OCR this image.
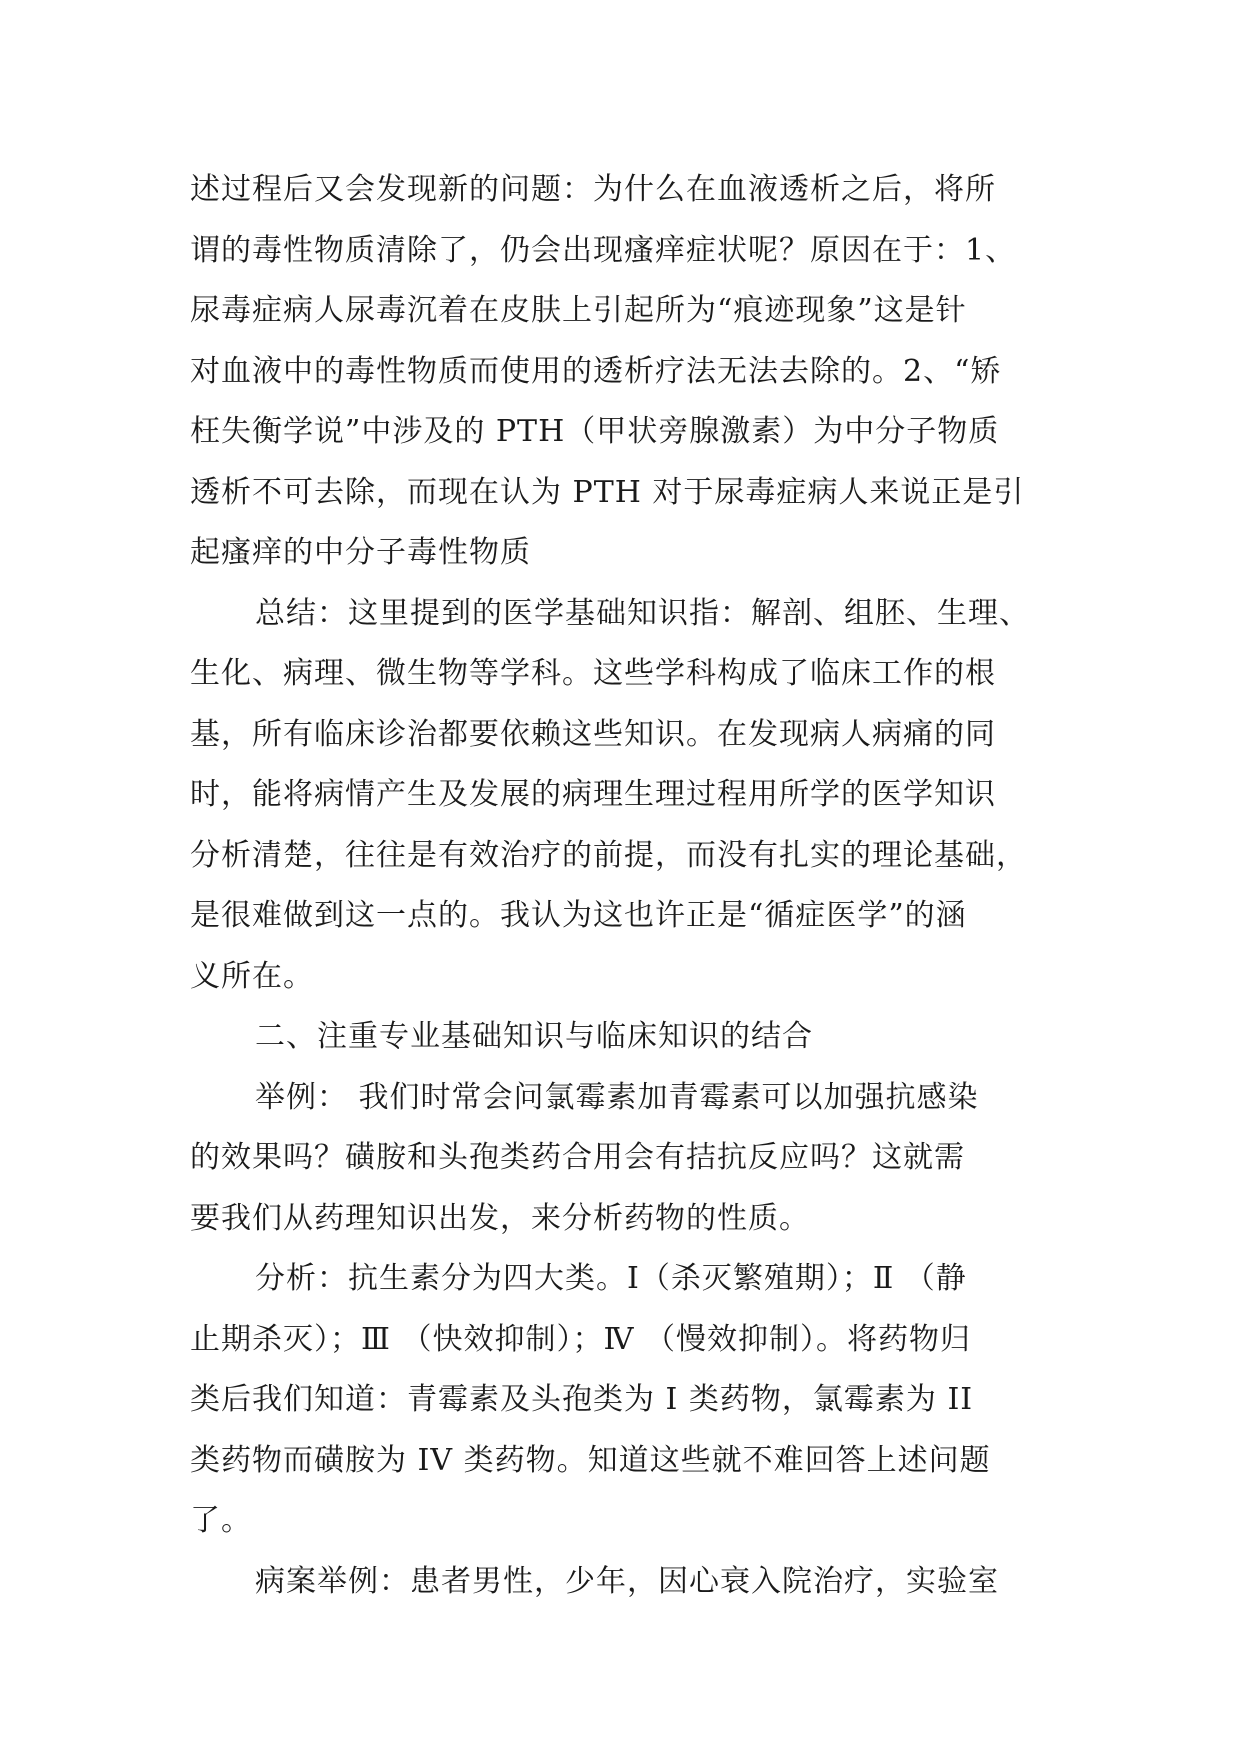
述过程后又会发现新的问题：为什么在血液透析之后，将所
谓的毒性物质清除了，仍会出现瘙痒症状呢？原因在于：1、
尿毒症病人尿毒沉着在皮肤上引起所为“痕迹现象”这是针
对血液中的毒性物质而使用的透析疗法无法去除的。2、“矫
枉失衡学说”中涉及的 PTH（甲状旁腺激素）为中分子物质
透析不可去除，而现在认为 PTH 对于尿毒症病人来说正是引
起瘙痒的中分子毒性物质
总结：这里提到的医学基础知识指：解剖、组胚、生理、
生化、病理、微生物等学科。这些学科构成了临床工作的根
基，所有临床诊治都要依赖这些知识。在发现病人病痛的同
时，能将病情产生及发展的病理生理过程用所学的医学知识
分析清楚，往往是有效治疗的前提，而没有扎实的理论基础，
是很难做到这一点的。我认为这也许正是“循症医学”的涵
义所在。
二、注重专业基础知识与临床知识的结合
举例： 我们时常会问氯霉素加青霉素可以加强抗感染
的效果吗？磺胺和头孢类药合用会有拮抗反应吗？这就需
要我们从药理知识出发，来分析药物的性质。
分析：抗生素分为四大类。Ⅰ（杀灭繁殖期）；Ⅱ （静
止期杀灭）；Ⅲ （快效抑制）；Ⅳ （慢效抑制）。将药物归
类后我们知道：青霉素及头孢类为 I 类药物，氯霉素为 II
类药物而磺胺为 IV 类药物。知道这些就不难回答上述问题
了。
病案举例：患者男性，少年，因心衰入院治疗，实验室
